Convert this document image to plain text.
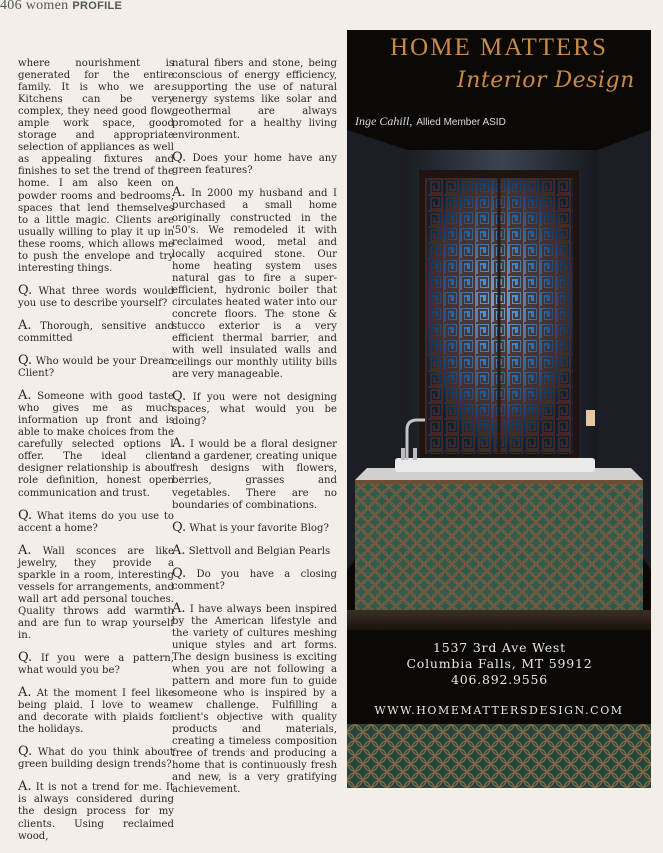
406 women PROFILE

where nourishment is generated for the entire family. It is who we are. Kitchens can be very complex, they need good flow, ample work space, good storage and appropriate selection of appliances as well as appealing fixtures and finishes to set the trend of the home. I am also keen on powder rooms and bedrooms, spaces that lend themselves to a little magic. Clients are usually willing to play it up in these rooms, which allows me to push the envelope and try interesting things.

Q. What three words would you use to describe yourself?

A. Thorough, sensitive and committed

Q. Who would be your Dream Client?

A. Someone with good taste who gives me as much information up front and is able to make choices from the carefully selected options I offer. The ideal client designer relationship is about role definition, honest open communication and trust.

Q. What items do you use to accent a home?

A. Wall sconces are like jewelry, they provide a sparkle in a room, interesting vessels for arrangements, and wall art add personal touches. Quality throws add warmth and are fun to wrap yourself in.

Q. If you were a pattern, what would you be?

A. At the moment I feel like being plaid. I love to wear and decorate with plaids for the holidays.

Q. What do you think about green building design trends?

A. It is not a trend for me. It is always considered during the design process for my clients. Using reclaimed wood,

natural fibers and stone, being conscious of energy efficiency, supporting the use of natural energy systems like solar and geothermal are always promoted for a healthy living environment.

Q. Does your home have any green features?

A. In 2000 my husband and I purchased a small home originally constructed in the '50's. We remodeled it with reclaimed wood, metal and locally acquired stone. Our home heating system uses natural gas to fire a super-efficient, hydronic boiler that circulates heated water into our concrete floors. The stone & stucco exterior is a very efficient thermal barrier, and with well insulated walls and ceilings our monthly utility bills are very manageable.

Q. If you were not designing spaces, what would you be doing?

A. I would be a floral designer and a gardener, creating unique fresh designs with flowers, berries, grasses and vegetables. There are no boundaries of combinations.

Q. What is your favorite Blog?

A. Slettvoll and Belgian Pearls

Q. Do you have a closing comment?

A. I have always been inspired by the American lifestyle and the variety of cultures meshing unique styles and art forms. The design business is exciting when you are not following a pattern and more fun to guide someone who is inspired by a new challenge. Fulfilling a client's objective with quality products and materials, creating a timeless composition free of trends and producing a home that is continuously fresh and new, is a very gratifying achievement.

HOME MATTERS
Interior Design
Inge Cahill, Allied Member ASID
1537 3rd Ave West
Columbia Falls, MT 59912
406.892.9556
WWW.HOMEMATTERSDESIGN.COM
